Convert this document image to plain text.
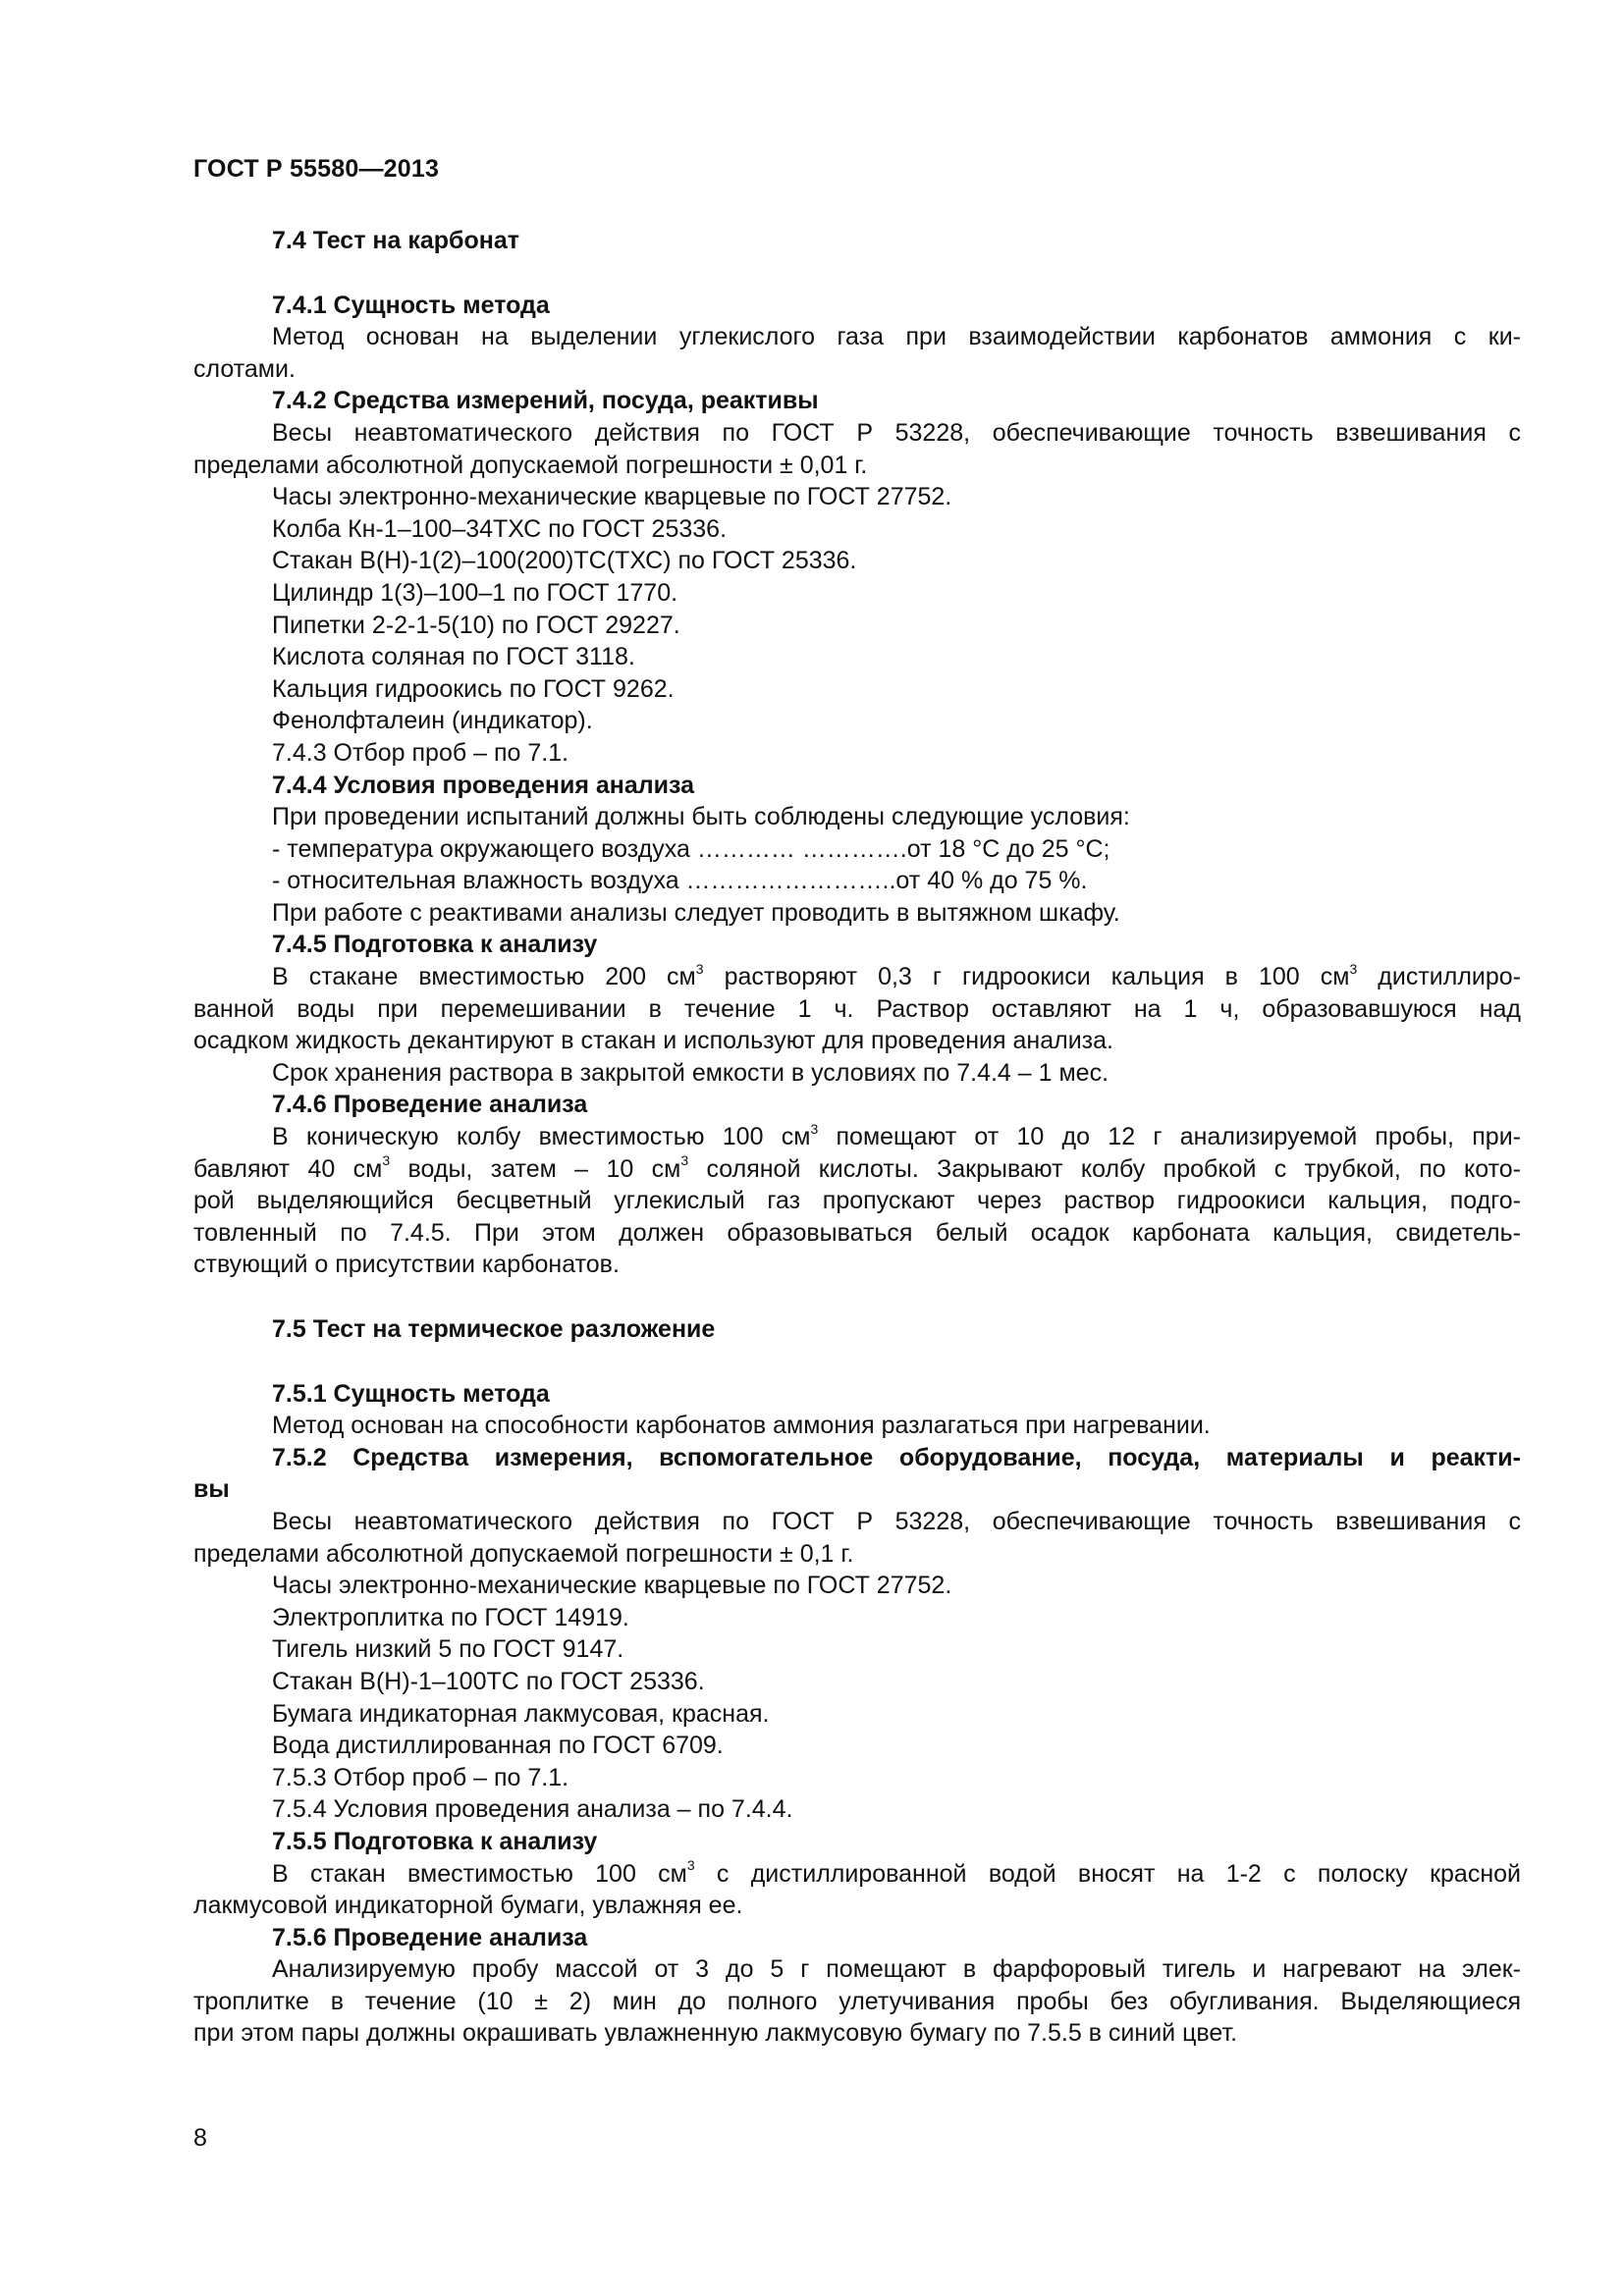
ГОСТ Р 55580—2013
7.4 Тест на карбонат
7.4.1 Сущность метода
Метод основан на выделении углекислого газа при взаимодействии карбонатов аммония с ки-
слотами.
7.4.2 Средства измерений, посуда, реактивы
Весы неавтоматического действия по ГОСТ Р 53228, обеспечивающие точность взвешивания с
пределами абсолютной допускаемой погрешности ± 0,01 г.
Часы электронно-механические кварцевые по ГОСТ 27752.
Колба Кн-1–100–34ТХС по ГОСТ 25336.
Стакан В(Н)-1(2)–100(200)ТС(ТХС) по ГОСТ 25336.
Цилиндр 1(3)–100–1 по ГОСТ 1770.
Пипетки 2-2-1-5(10) по ГОСТ 29227.
Кислота соляная по ГОСТ 3118.
Кальция гидроокись по ГОСТ 9262.
Фенолфталеин (индикатор).
7.4.3 Отбор проб – по 7.1.
7.4.4 Условия проведения анализа
При проведении испытаний должны быть соблюдены следующие условия:
- температура окружающего воздуха ………… ………….от 18 °С до 25 °С;
- относительная влажность воздуха ……………………..от 40 % до 75 %.
При работе с реактивами анализы следует проводить в вытяжном шкафу.
7.4.5 Подготовка к анализу
В стакане вместимостью 200 $см^3$ растворяют 0,3 г гидроокиси кальция в 100 $см^3$ дистиллиро-
ванной воды при перемешивании в течение 1 ч. Раствор оставляют на 1 ч, образовавшуюся над
осадком жидкость декантируют в стакан и используют для проведения анализа.
Срок хранения раствора в закрытой емкости в условиях по 7.4.4 – 1 мес.
7.4.6 Проведение анализа
В коническую колбу вместимостью 100 $см^3$ помещают от 10 до 12 г анализируемой пробы, при-
бавляют 40 $см^3$ воды, затем – 10 $см^3$ соляной кислоты. Закрывают колбу пробкой с трубкой, по кото-
рой выделяющийся бесцветный углекислый газ пропускают через раствор гидроокиси кальция, подго-
товленный по 7.4.5. При этом должен образовываться белый осадок карбоната кальция, свидетель-
ствующий о присутствии карбонатов.
7.5 Тест на термическое разложение
7.5.1 Сущность метода
Метод основан на способности карбонатов аммония разлагаться при нагревании.
7.5.2 Средства измерения, вспомогательное оборудование, посуда, материалы и реакти-
вы
Весы неавтоматического действия по ГОСТ Р 53228, обеспечивающие точность взвешивания с
пределами абсолютной допускаемой погрешности ± 0,1 г.
Часы электронно-механические кварцевые по ГОСТ 27752.
Электроплитка по ГОСТ 14919.
Тигель низкий 5 по ГОСТ 9147.
Стакан В(Н)-1–100ТС по ГОСТ 25336.
Бумага индикаторная лакмусовая, красная.
Вода дистиллированная по ГОСТ 6709.
7.5.3 Отбор проб – по 7.1.
7.5.4 Условия проведения анализа – по 7.4.4.
7.5.5 Подготовка к анализу
В стакан вместимостью 100 $см^3$ с дистиллированной водой вносят на 1-2 с полоску красной
лакмусовой индикаторной бумаги, увлажняя ее.
7.5.6 Проведение анализа
Анализируемую пробу массой от 3 до 5 г помещают в фарфоровый тигель и нагревают на элек-
троплитке в течение (10 ± 2) мин до полного улетучивания пробы без обугливания. Выделяющиеся
при этом пары должны окрашивать увлажненную лакмусовую бумагу по 7.5.5 в синий цвет.
8
